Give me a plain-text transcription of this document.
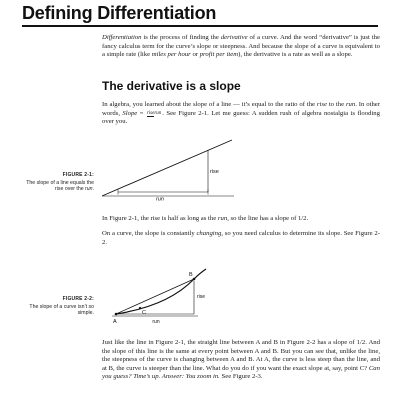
Defining Differentiation
Differentiation is the process of finding the derivative of a curve. And the word “derivative” is just the fancy calculus term for the curve’s slope or steepness. And because the slope of a curve is equivalent to a simple rate (like miles per hour or profit per item), the derivative is a rate as well as a slope.
The derivative is a slope
In algebra, you learned about the slope of a line — it’s equal to the ratio of the rise to the run. In other words, Slope = riserun. See Figure 2-1. Let me guess: A sudden rush of algebra nostalgia is flooding over you.
FIGURE 2-1:
The slope of a line equals the rise over the run.
rise
run
In Figure 2-1, the rise is half as long as the run, so the line has a slope of 1/2.
On a curve, the slope is constantly changing, so you need calculus to determine its slope. See Figure 2-2.
FIGURE 2-2:
The slope of a curve isn’t so simple.
A
B
C
rise
run
Just like the line in Figure 2-1, the straight line between A and B in Figure 2-2 has a slope of 1/2. And the slope of this line is the same at every point between A and B. But you can see that, unlike the line, the steepness of the curve is changing between A and B. At A, the curve is less steep than the line, and at B, the curve is steeper than the line. What do you do if you want the exact slope at, say, point C? Can you guess? Time’s up. Answer: You zoom in. See Figure 2-3.
